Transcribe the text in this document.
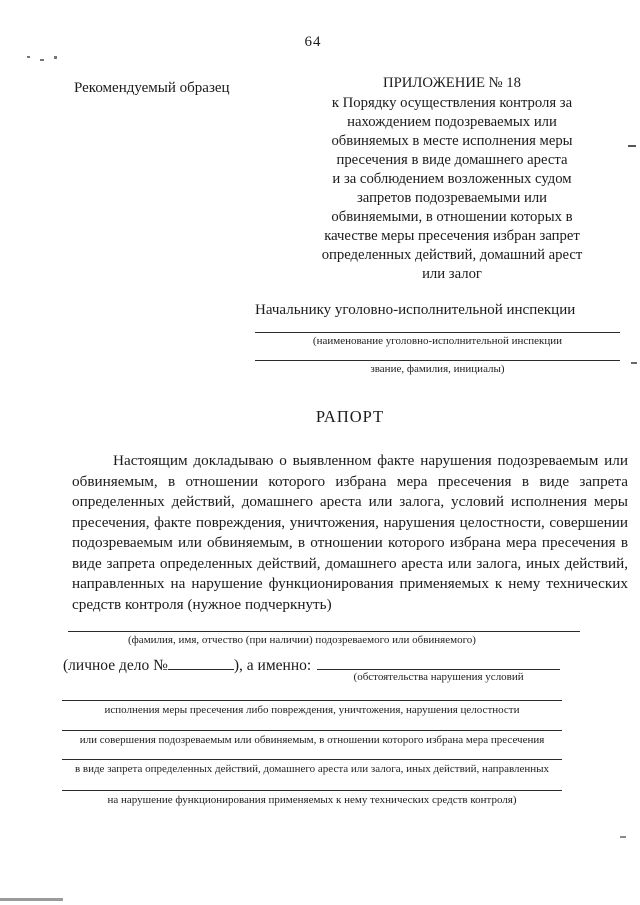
64
Рекомендуемый образец	ПРИЛОЖЕНИЕ № 18
к Порядку осуществления контроля за
нахождением подозреваемых или
обвиняемых в месте исполнения меры
пресечения в виде домашнего ареста
и за соблюдением возложенных судом
запретов подозреваемыми или
обвиняемыми, в отношении которых в
качестве меры пресечения избран запрет
определенных действий, домашний арест
или залог
Начальнику уголовно-исполнительной инспекции
(наименование уголовно-исполнительной инспекции
звание, фамилия, инициалы)
РАПОРТ
Настоящим докладываю о выявленном факте нарушения подозреваемым или обвиняемым, в отношении которого избрана мера пресечения в виде запрета определенных действий, домашнего ареста или залога, условий исполнения меры пресечения, факте повреждения, уничтожения, нарушения целостности, совершении подозреваемым или обвиняемым, в отношении которого избрана мера пресечения в виде запрета определенных действий, домашнего ареста или залога, иных действий, направленных на нарушение функционирования применяемых к нему технических средств контроля (нужное подчеркнуть)
(фамилия, имя, отчество (при наличии) подозреваемого или обвиняемого)
(личное дело №	), а именно:
(обстоятельства нарушения условий
исполнения меры пресечения либо повреждения, уничтожения, нарушения целостности
или совершения подозреваемым или обвиняемым, в отношении которого избрана мера пресечения
в виде запрета определенных действий, домашнего ареста или залога, иных действий, направленных
на нарушение функционирования применяемых к нему технических средств контроля)
